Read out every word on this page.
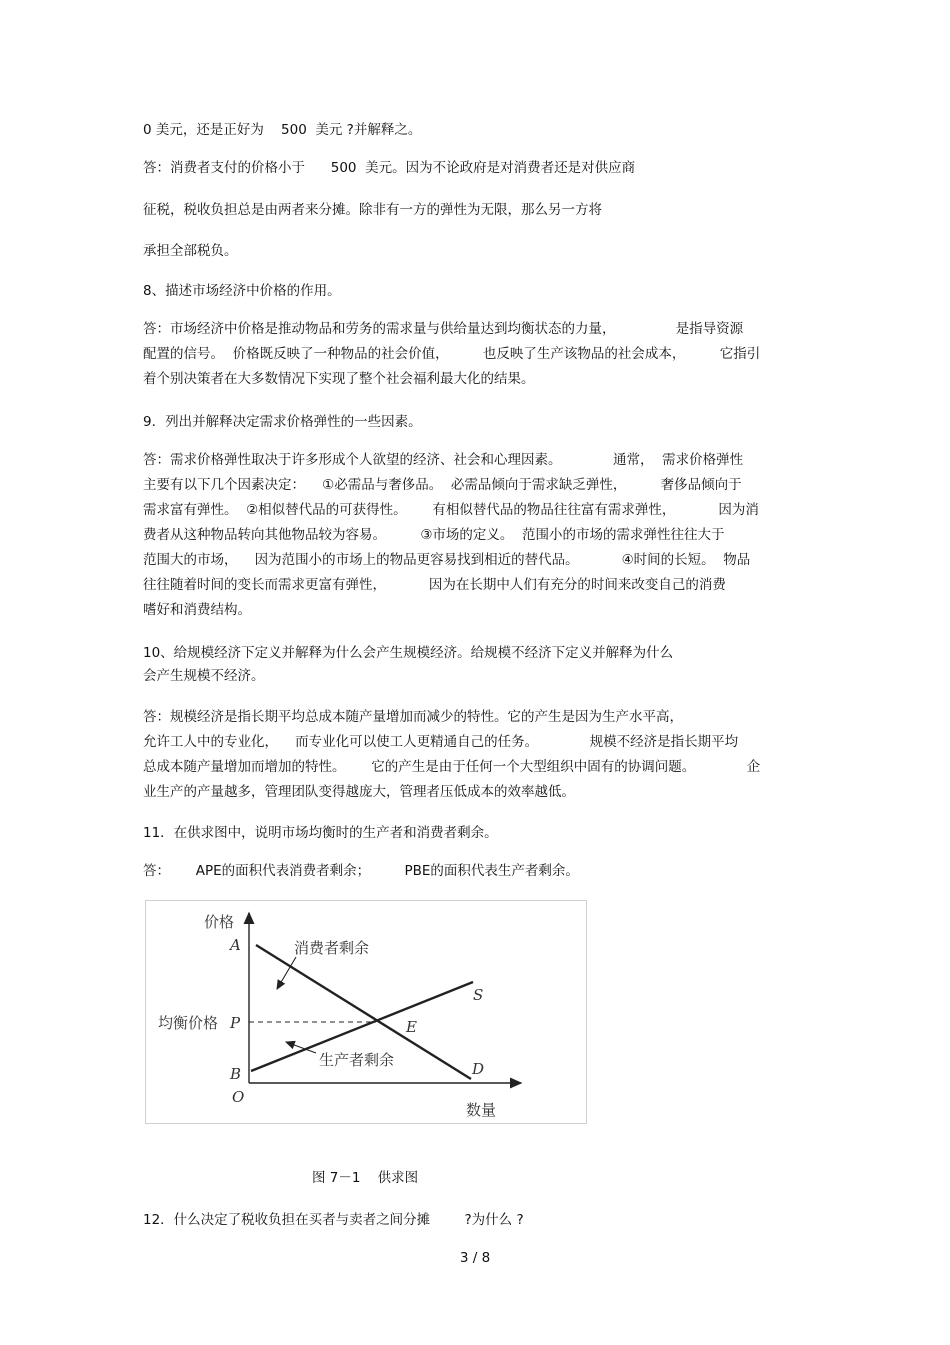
0 美元，还是正好为    500  美元 ?并解释之。
答：消费者支付的价格小于      500  美元。因为不论政府是对消费者还是对供应商
征税，税收负担总是由两者来分摊。除非有一方的弹性为无限，那么另一方将
承担全部税负。
8、描述市场经济中价格的作用。
答：市场经济中价格是推动物品和劳务的需求量与供给量达到均衡状态的力量，              是指导资源
配置的信号。  价格既反映了一种物品的社会价值，        也反映了生产该物品的社会成本，        它指引
着个别决策者在大多数情况下实现了整个社会福利最大化的结果。
9．列出并解释决定需求价格弹性的一些因素。
答：需求价格弹性取决于许多形成个人欲望的经济、社会和心理因素。            通常，  需求价格弹性
主要有以下几个因素决定：    ①必需品与奢侈品。  必需品倾向于需求缺乏弹性，        奢侈品倾向于
需求富有弹性。  ②相似替代品的可获得性。      有相似替代品的物品往往富有需求弹性，          因为消
费者从这种物品转向其他物品较为容易。        ③市场的定义。  范围小的市场的需求弹性往往大于
范围大的市场，    因为范围小的市场上的物品更容易找到相近的替代品。          ④时间的长短。  物品
往往随着时间的变长而需求更富有弹性，          因为在长期中人们有充分的时间来改变自己的消费
嗜好和消费结构。
10、给规模经济下定义并解释为什么会产生规模经济。给规模不经济下定义并解释为什么
会产生规模不经济。
答：规模经济是指长期平均总成本随产量增加而减少的特性。它的产生是因为生产水平高，
允许工人中的专业化，    而专业化可以使工人更精通自己的任务。            规模不经济是指长期平均
总成本随产量增加而增加的特性。      它的产生是由于任何一个大型组织中固有的协调问题。            企
业生产的产量越多，管理团队变得越庞大，管理者压低成本的效率越低。
11．在供求图中，说明市场均衡时的生产者和消费者剩余。
答：      APE的面积代表消费者剩余；        PBE的面积代表生产者剩余。
价格
数量
均衡价格
A
P
B
O
E
S
D
消费者剩余
生产者剩余
图 7－1    供求图
12．什么决定了税收负担在买者与卖者之间分摊        ?为什么 ?
3 / 8
